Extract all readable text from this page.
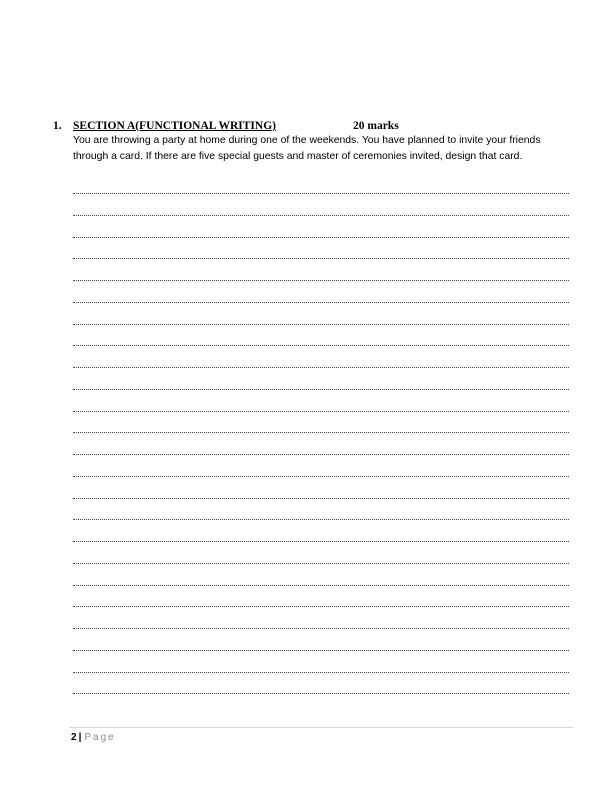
1. SECTION A(FUNCTIONAL WRITING)	20 marks
You are throwing a party at home during one of the weekends. You have planned to invite your friends through a card. If there are five special guests and master of ceremonies invited, design that card.
2 | Page
